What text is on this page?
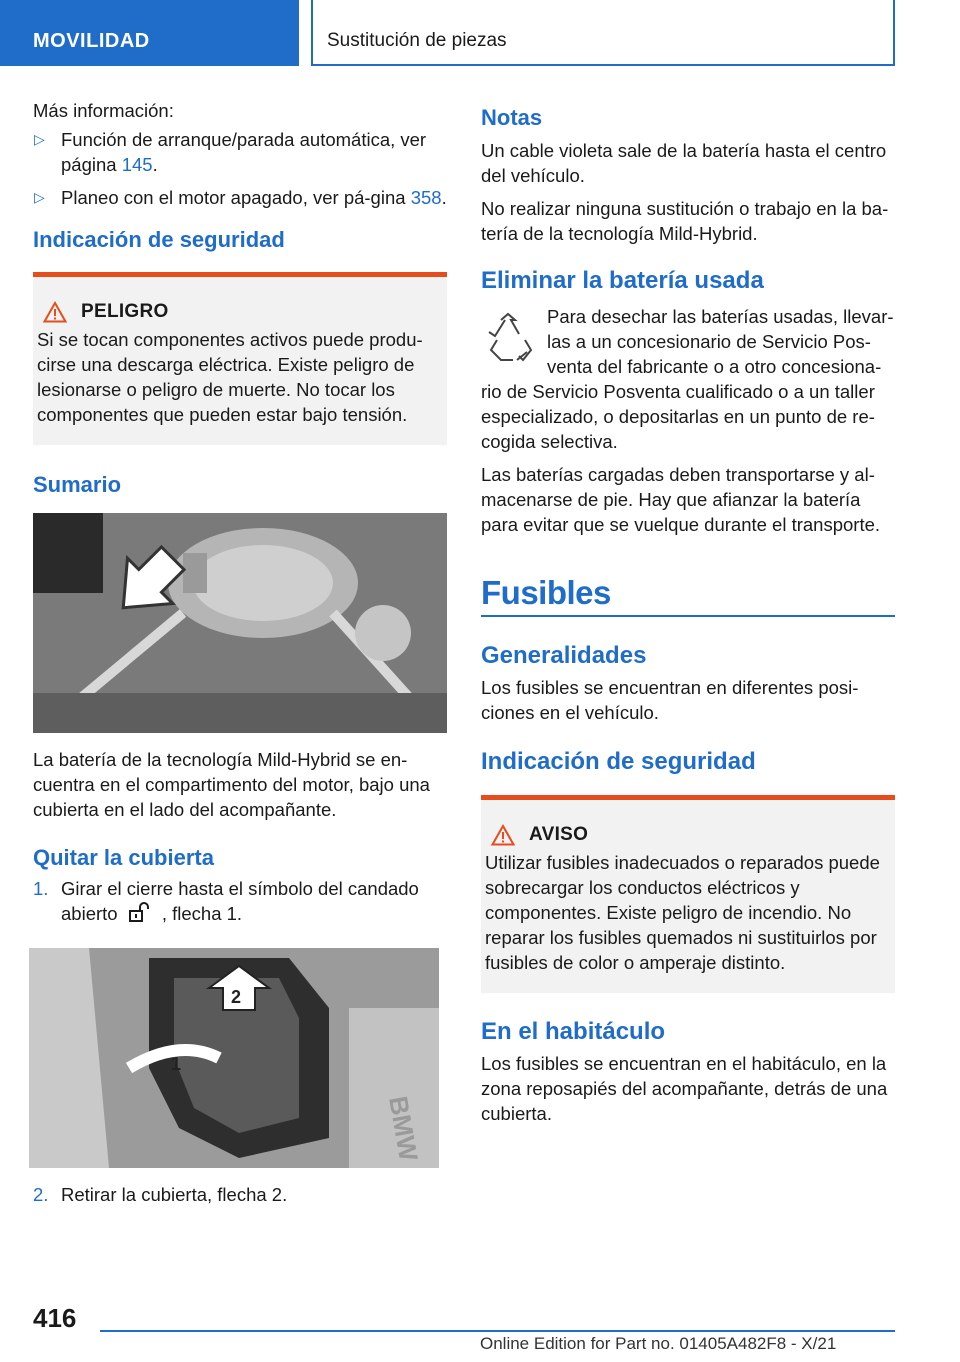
MOVILIDAD	Sustitución de piezas

Más información:

▷ Función de arranque/parada automática, ver página 145.
▷ Planeo con el motor apagado, ver pá-gina 358.
Indicación de seguridad
PELIGRO

Si se tocan componentes activos puede produ-cirse una descarga eléctrica. Existe peligro de lesionarse o peligro de muerte. No tocar los componentes que pueden estar bajo tensión.

Sumario

La batería de la tecnología Mild-Hybrid se en-cuentra en el compartimento del motor, bajo una cubierta en el lado del acompañante.

Quitar la cubierta
1. Girar el cierre hasta el símbolo del candado abierto , flecha 1.
2
1
BMW
2. Retirar la cubierta, flecha 2.
Notas

Un cable violeta sale de la batería hasta el centro del vehículo.

No realizar ninguna sustitución o trabajo en la ba-tería de la tecnología Mild-Hybrid.

Eliminar la batería usada

Para desechar las baterías usadas, llevar-las a un concesionario de Servicio Pos-venta del fabricante o a otro concesiona-rio de Servicio Posventa cualificado o a un taller especializado, o depositarlas en un punto de re-cogida selectiva.

Las baterías cargadas deben transportarse y al-macenarse de pie. Hay que afianzar la batería para evitar que se vuelque durante el transporte.

Fusibles
Generalidades

Los fusibles se encuentran en diferentes posi-ciones en el vehículo.

Indicación de seguridad
AVISO

Utilizar fusibles inadecuados o reparados puede sobrecargar los conductos eléctricos y componentes. Existe peligro de incendio. No reparar los fusibles quemados ni sustituirlos por fusibles de color o amperaje distinto.

En el habitáculo

Los fusibles se encuentran en el habitáculo, en la zona reposapiés del acompañante, detrás de una cubierta.

416
Online Edition for Part no. 01405A482F8 - X/21
